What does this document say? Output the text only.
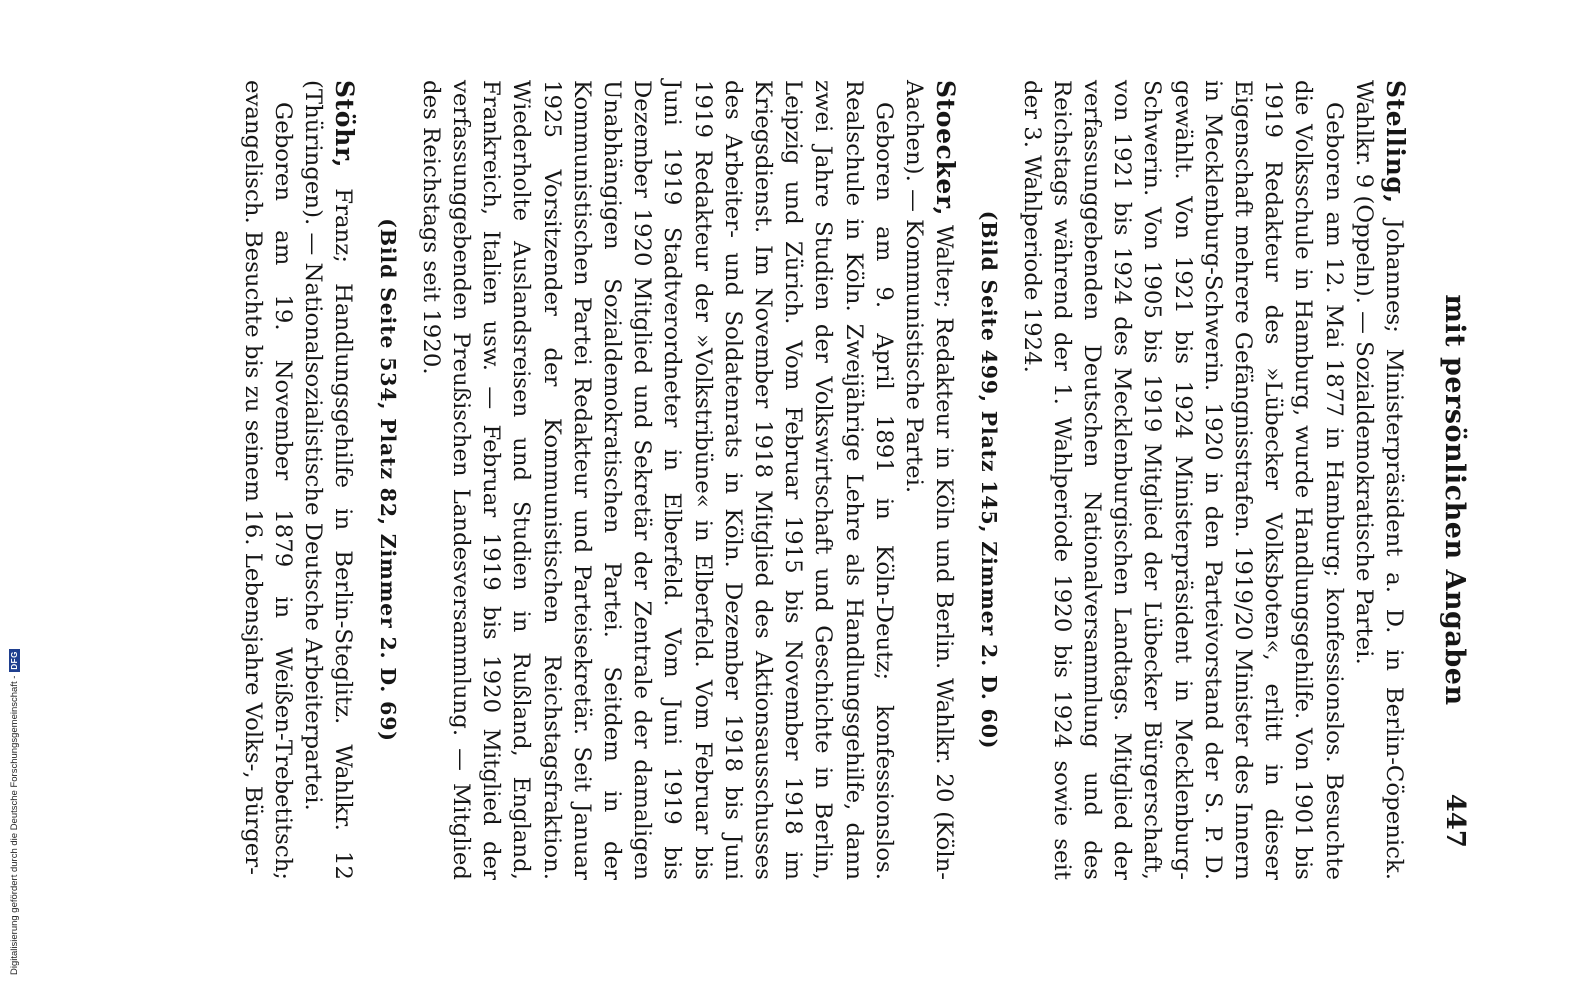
Digitalisierung gefördert durch die Deutsche Forschungsgemeinschaft -
DFG	mit persönlichen Angaben
447

Stelling, Johannes; Ministerpräsident a. D. in Berlin-Cöpenick. Wahlkr. 9 (Oppeln). — Sozialdemokratische Partei.

Geboren am 12. Mai 1877 in Hamburg; konfessionslos. Besuchte die Volksschule in Hamburg, wurde Handlungsgehilfe. Von 1901 bis 1919 Redakteur des »Lübecker Volksboten«, erlitt in dieser Eigenschaft mehrere Gefängnisstrafen. 1919/20 Minister des Innern in Mecklenburg-Schwerin. 1920 in den Parteivorstand der S. P. D. gewählt. Von 1921 bis 1924 Ministerpräsident in Mecklenburg-Schwerin. Von 1905 bis 1919 Mitglied der Lübecker Bürgerschaft, von 1921 bis 1924 des Mecklenburgischen Landtags. Mitglied der verfassunggebenden Deutschen Nationalversammlung und des Reichstags während der 1. Wahlperiode 1920 bis 1924 sowie seit der 3. Wahlperiode 1924.

(Bild Seite 499, Platz 145, Zimmer 2. D. 60)

Stoecker, Walter; Redakteur in Köln und Berlin. Wahlkr. 20 (Köln-Aachen). — Kommunistische Partei.

Geboren am 9. April 1891 in Köln-Deutz; konfessionslos. Realschule in Köln. Zweijährige Lehre als Handlungsgehilfe, dann zwei Jahre Studien der Volkswirtschaft und Geschichte in Berlin, Leipzig und Zürich. Vom Februar 1915 bis November 1918 im Kriegsdienst. Im November 1918 Mitglied des Aktionsausschusses des Arbeiter- und Soldatenrats in Köln. Dezember 1918 bis Juni 1919 Redakteur der »Volkstribüne« in Elberfeld. Vom Februar bis Juni 1919 Stadtverordneter in Elberfeld. Vom Juni 1919 bis Dezember 1920 Mitglied und Sekretär der Zentrale der damaligen Unabhängigen Sozialdemokratischen Partei. Seitdem in der Kommunistischen Partei Redakteur und Parteisekretär. Seit Januar 1925 Vorsitzender der Kommunistischen Reichstagsfraktion. Wiederholte Auslandsreisen und Studien in Rußland, England, Frankreich, Italien usw. — Februar 1919 bis 1920 Mitglied der verfassunggebenden Preußischen Landesversammlung. — Mitglied des Reichstags seit 1920.

(Bild Seite 534, Platz 82, Zimmer 2. D. 69)

Stöhr, Franz; Handlungsgehilfe in Berlin-Steglitz. Wahlkr. 12 (Thüringen). — Nationalsozialistische Deutsche Arbeiterpartei.

Geboren am 19. November 1879 in Weißen-Trebetitsch; evangelisch. Besuchte bis zu seinem 16. Lebensjahre Volks-, Bürger-
